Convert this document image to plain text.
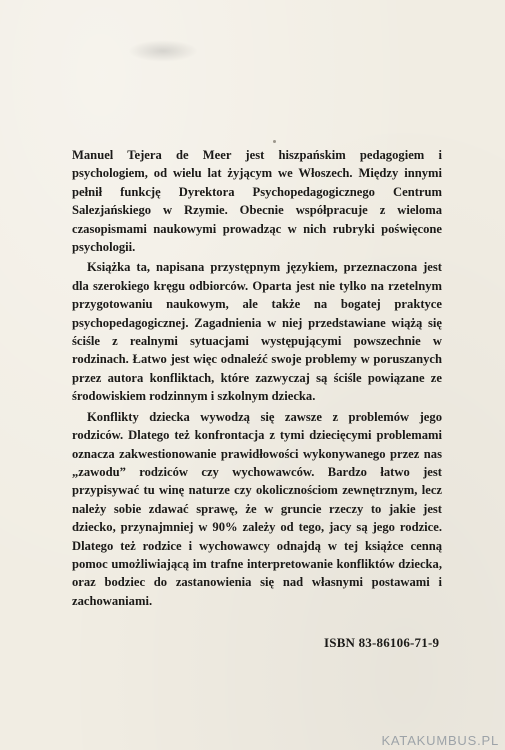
Manuel Tejera de Meer jest hiszpańskim pedagogiem i psychologiem, od wielu lat żyjącym we Włoszech. Między innymi pełnił funkcję Dyrektora Psychopedagogicznego Centrum Salezjańskiego w Rzymie. Obecnie współpracuje z wieloma czasopismami naukowymi prowadząc w nich rubryki poświęcone psychologii.

Książka ta, napisana przystępnym językiem, przeznaczona jest dla szerokiego kręgu odbiorców. Oparta jest nie tylko na rzetelnym przygotowaniu naukowym, ale także na bogatej praktyce psychopedagogicznej. Zagadnienia w niej przedstawiane wiążą się ściśle z realnymi sytuacjami występującymi powszechnie w rodzinach. Łatwo jest więc odnaleźć swoje problemy w poruszanych przez autora konfliktach, które zazwyczaj są ściśle powiązane ze środowiskiem rodzinnym i szkolnym dziecka.

Konflikty dziecka wywodzą się zawsze z problemów jego rodziców. Dlatego też konfrontacja z tymi dziecięcymi problemami oznacza zakwestionowanie prawidłowości wykonywanego przez nas „zawodu” rodziców czy wychowawców. Bardzo łatwo jest przypisywać tu winę naturze czy okolicznościom zewnętrznym, lecz należy sobie zdawać sprawę, że w gruncie rzeczy to jakie jest dziecko, przynajmniej w 90% zależy od tego, jacy są jego rodzice. Dlatego też rodzice i wychowawcy odnajdą w tej książce cenną pomoc umożliwiającą im trafne interpretowanie konfliktów dziecka, oraz bodziec do zastanowienia się nad własnymi postawami i zachowaniami.

ISBN 83-86106-71-9
KATAKUMBUS.PL
